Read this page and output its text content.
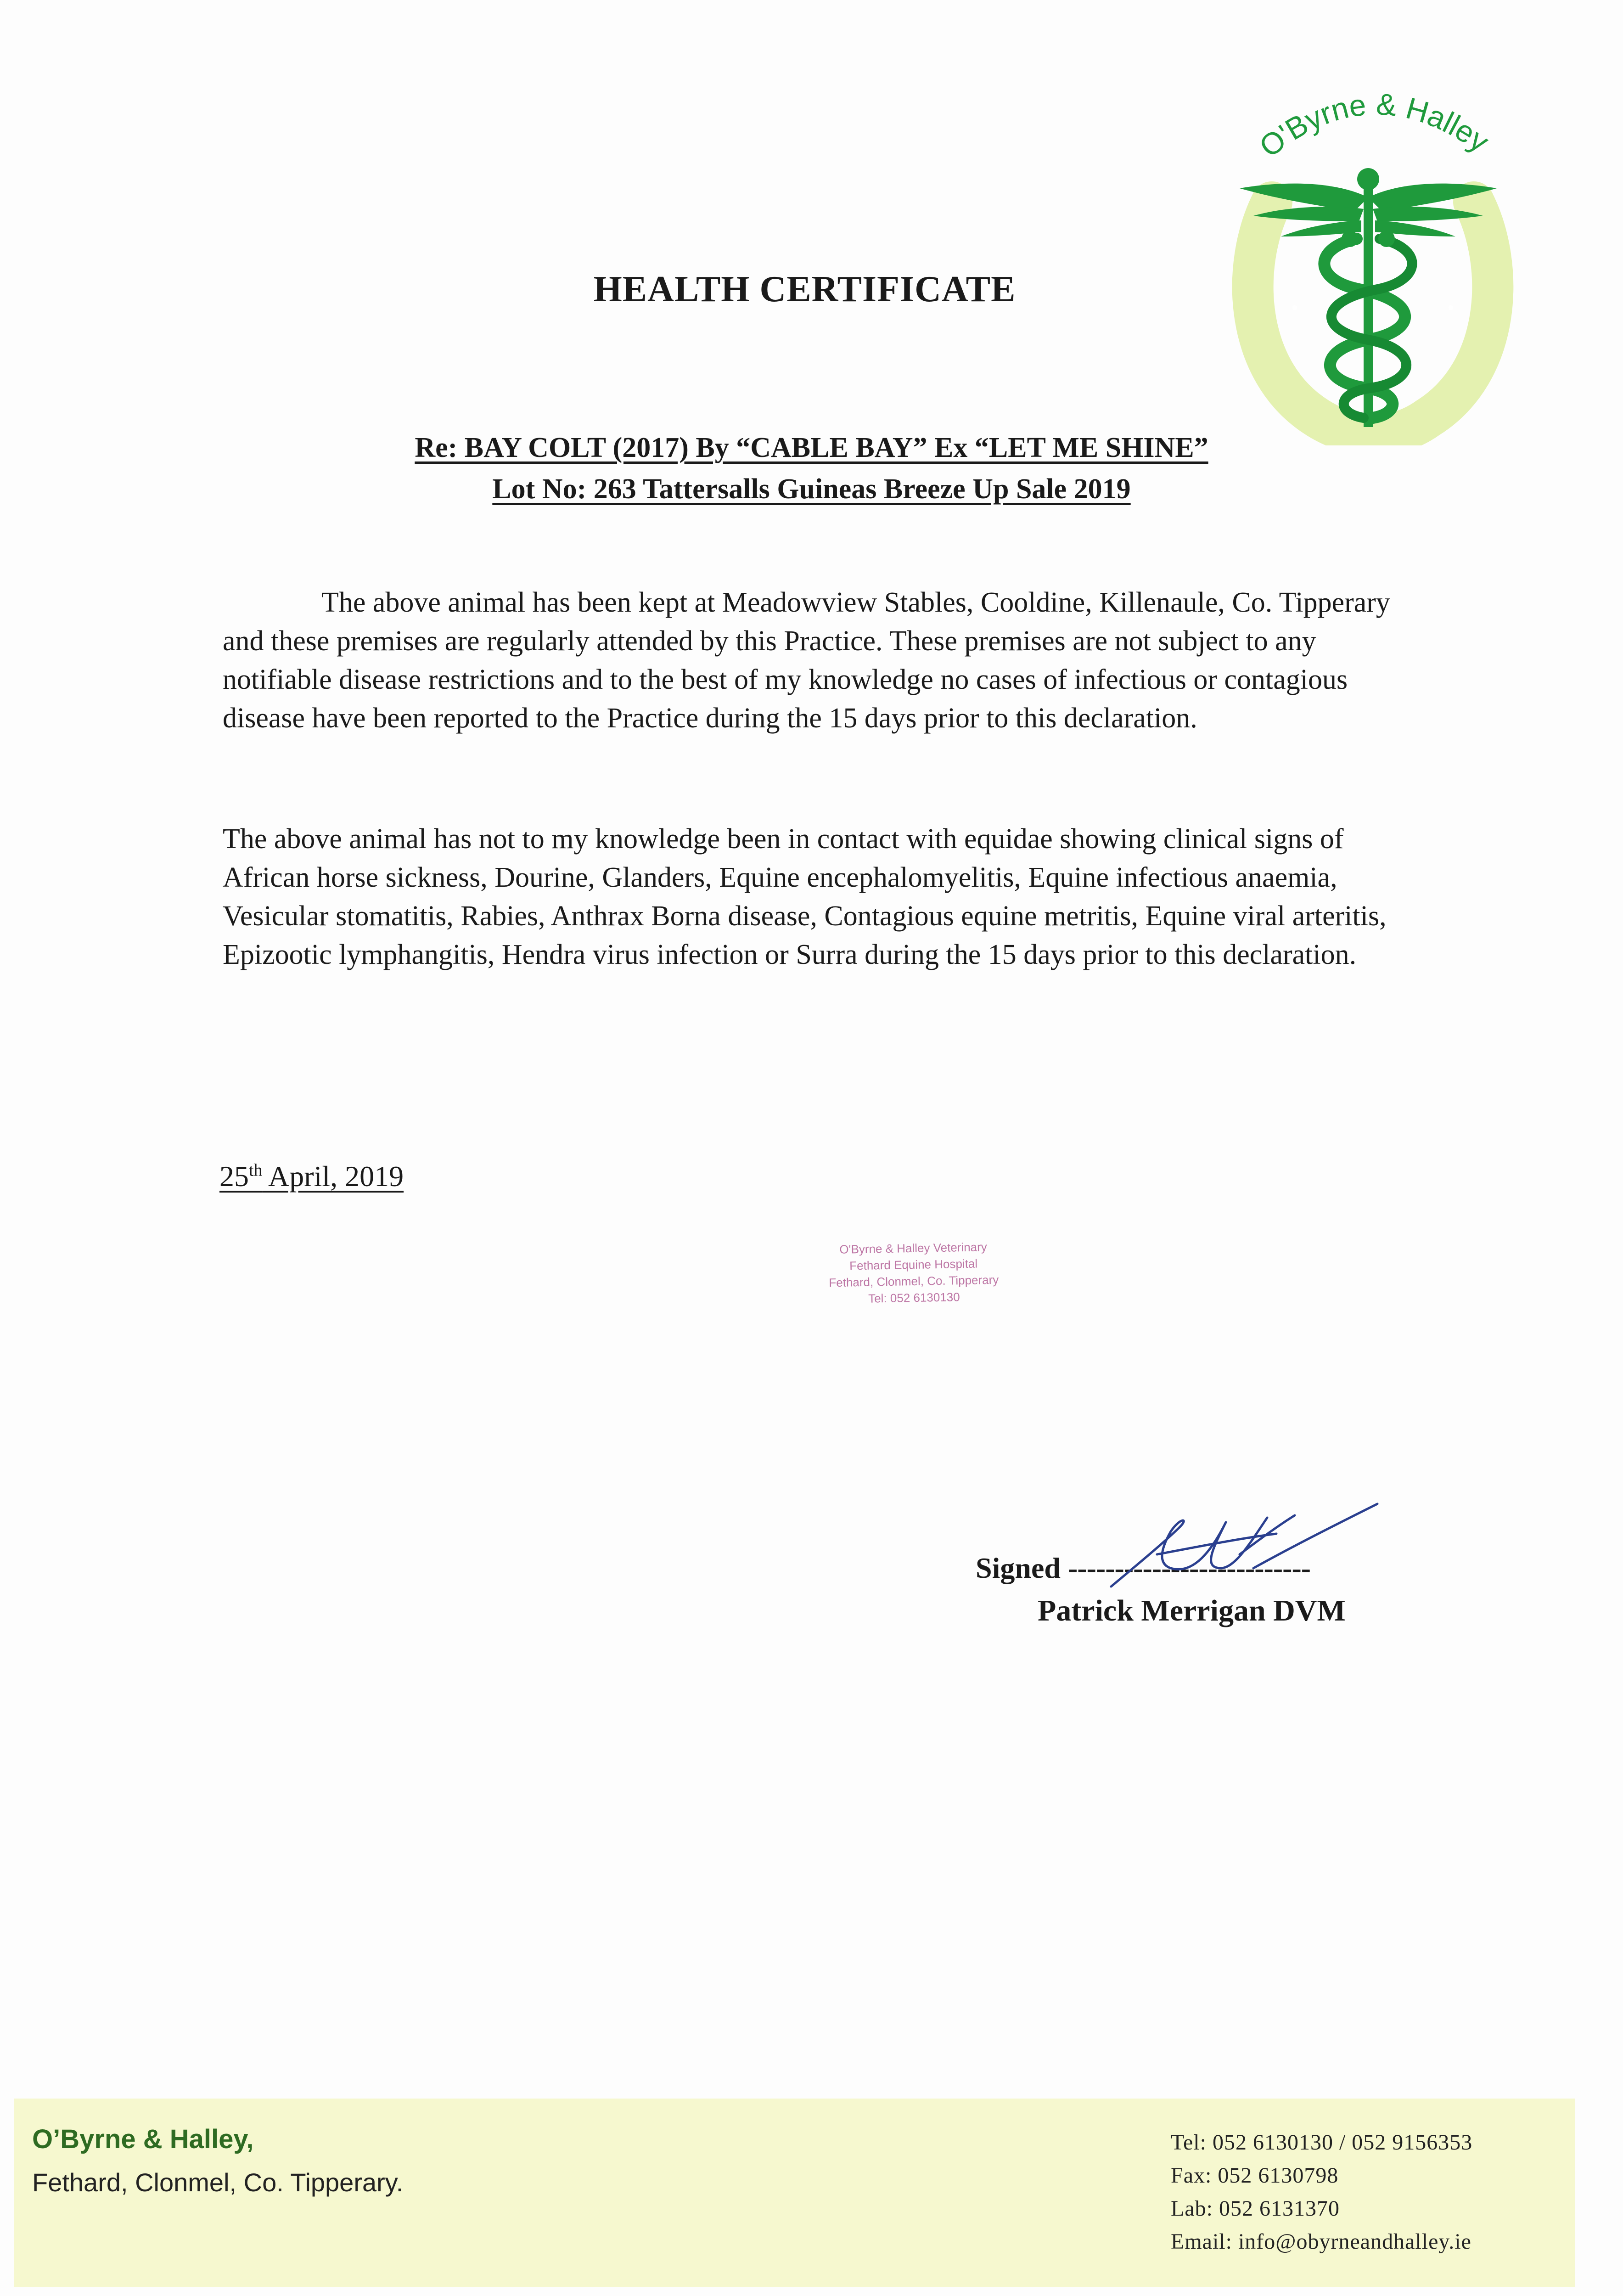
O'Byrne & Halley
HEALTH CERTIFICATE
Re: BAY COLT (2017) By “CABLE BAY” Ex “LET ME SHINE”
Lot No: 263 Tattersalls Guineas Breeze Up Sale 2019
The above animal has been kept at Meadowview Stables, Cooldine, Killenaule, Co. Tipperary and these premises are regularly attended by this Practice. These premises are not subject to any notifiable disease restrictions and to the best of my knowledge no cases of infectious or contagious disease have been reported to the Practice during the 15 days prior to this declaration.
The above animal has not to my knowledge been in contact with equidae showing clinical signs of African horse sickness, Dourine, Glanders, Equine encephalomyelitis, Equine infectious anaemia, Vesicular stomatitis, Rabies, Anthrax Borna disease, Contagious equine metritis, Equine viral arteritis, Epizootic lymphangitis, Hendra virus infection or Surra during the 15 days prior to this declaration.
25th April, 2019
O'Byrne & Halley Veterinary
Fethard Equine Hospital
Fethard, Clonmel, Co. Tipperary
Tel: 052 6130130
Signed --------------------------
Patrick Merrigan DVM
O’Byrne & Halley,
Fethard, Clonmel, Co. Tipperary.
Tel: 052 6130130 / 052 9156353
Fax: 052 6130798
Lab: 052 6131370
Email: info@obyrneandhalley.ie
